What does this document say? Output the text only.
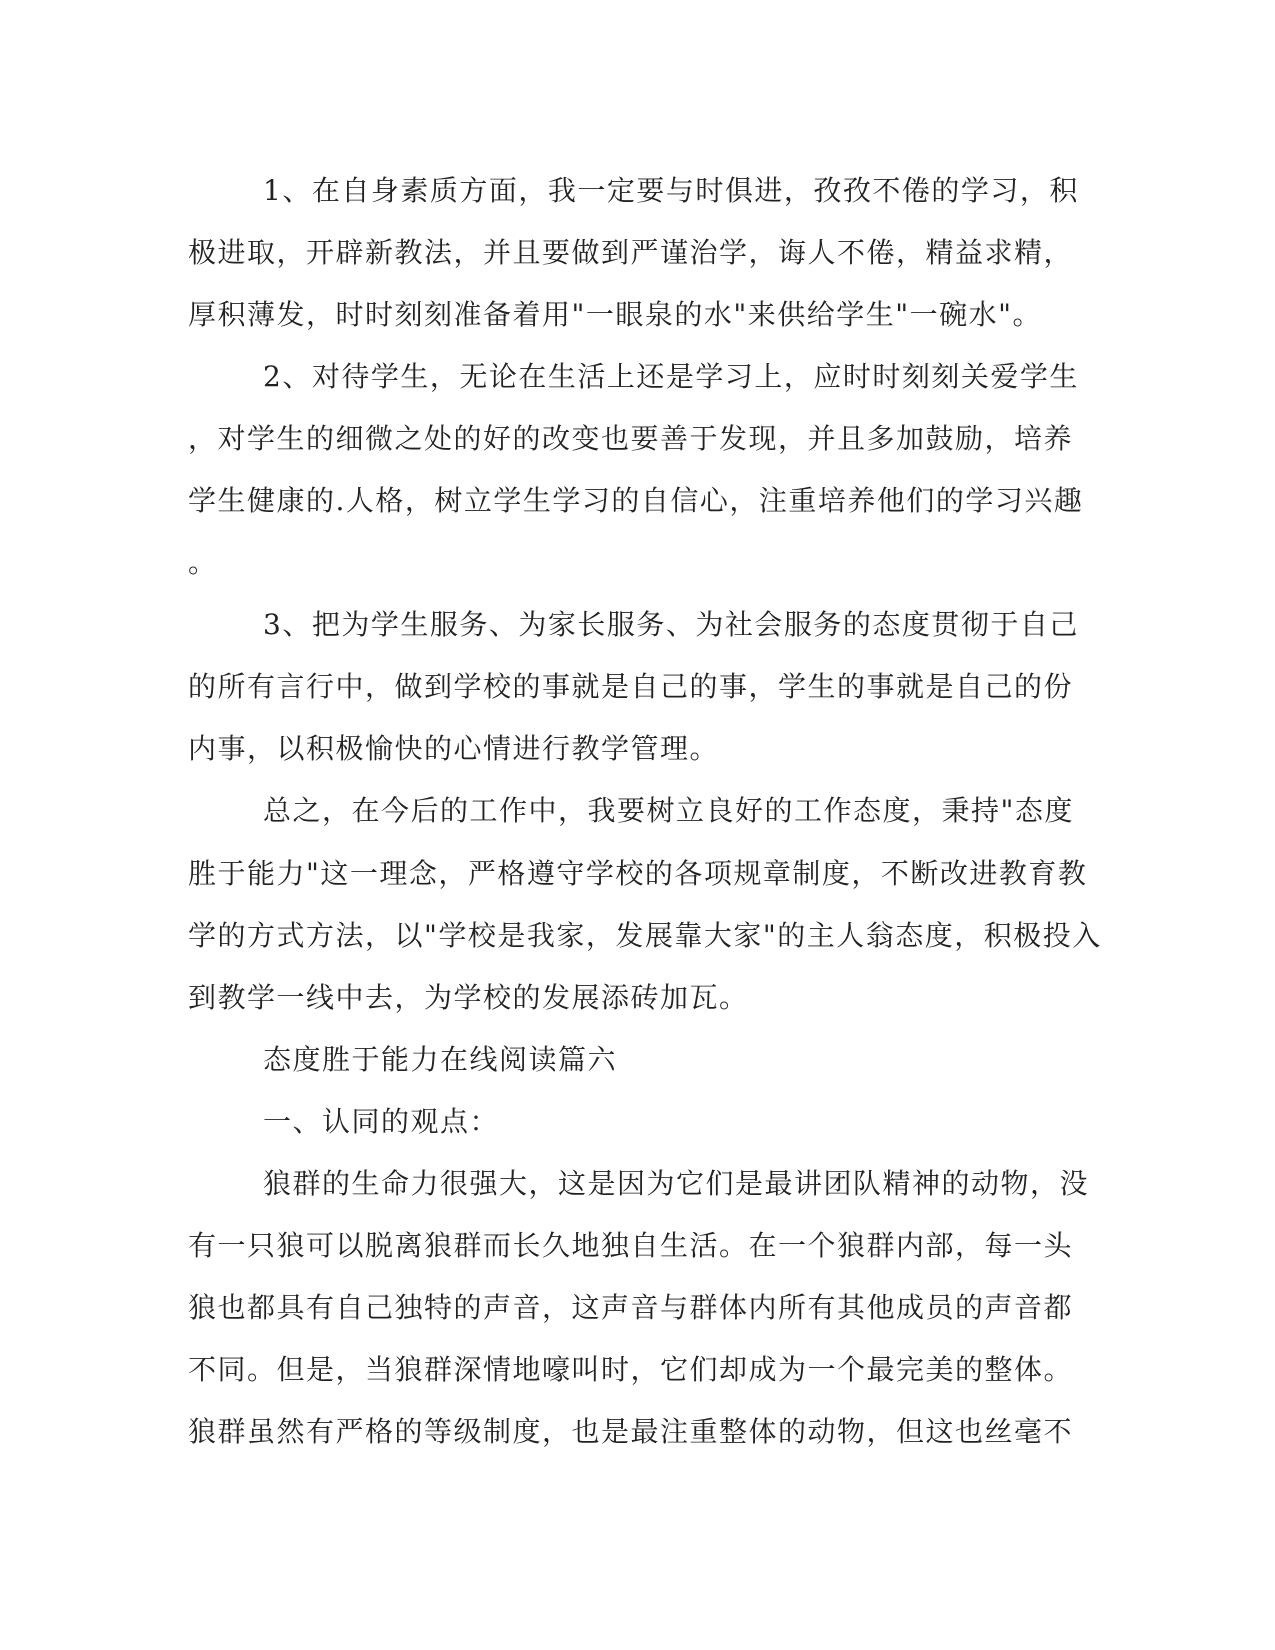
1、在自身素质方面，我一定要与时俱进，孜孜不倦的学习，积
极进取，开辟新教法，并且要做到严谨治学，诲人不倦，精益求精，
厚积薄发，时时刻刻准备着用"一眼泉的水"来供给学生"一碗水"。
2、对待学生，无论在生活上还是学习上，应时时刻刻关爱学生
，对学生的细微之处的好的改变也要善于发现，并且多加鼓励，培养
学生健康的.人格，树立学生学习的自信心，注重培养他们的学习兴趣
。
3、把为学生服务、为家长服务、为社会服务的态度贯彻于自己
的所有言行中，做到学校的事就是自己的事，学生的事就是自己的份
内事，以积极愉快的心情进行教学管理。
总之，在今后的工作中，我要树立良好的工作态度，秉持"态度
胜于能力"这一理念，严格遵守学校的各项规章制度，不断改进教育教
学的方式方法，以"学校是我家，发展靠大家"的主人翁态度，积极投入
到教学一线中去，为学校的发展添砖加瓦。
态度胜于能力在线阅读篇六
一、认同的观点：
狼群的生命力很强大，这是因为它们是最讲团队精神的动物，没
有一只狼可以脱离狼群而长久地独自生活。在一个狼群内部，每一头
狼也都具有自己独特的声音，这声音与群体内所有其他成员的声音都
不同。但是，当狼群深情地嚎叫时，它们却成为一个最完美的整体。
狼群虽然有严格的等级制度，也是最注重整体的动物，但这也丝毫不
